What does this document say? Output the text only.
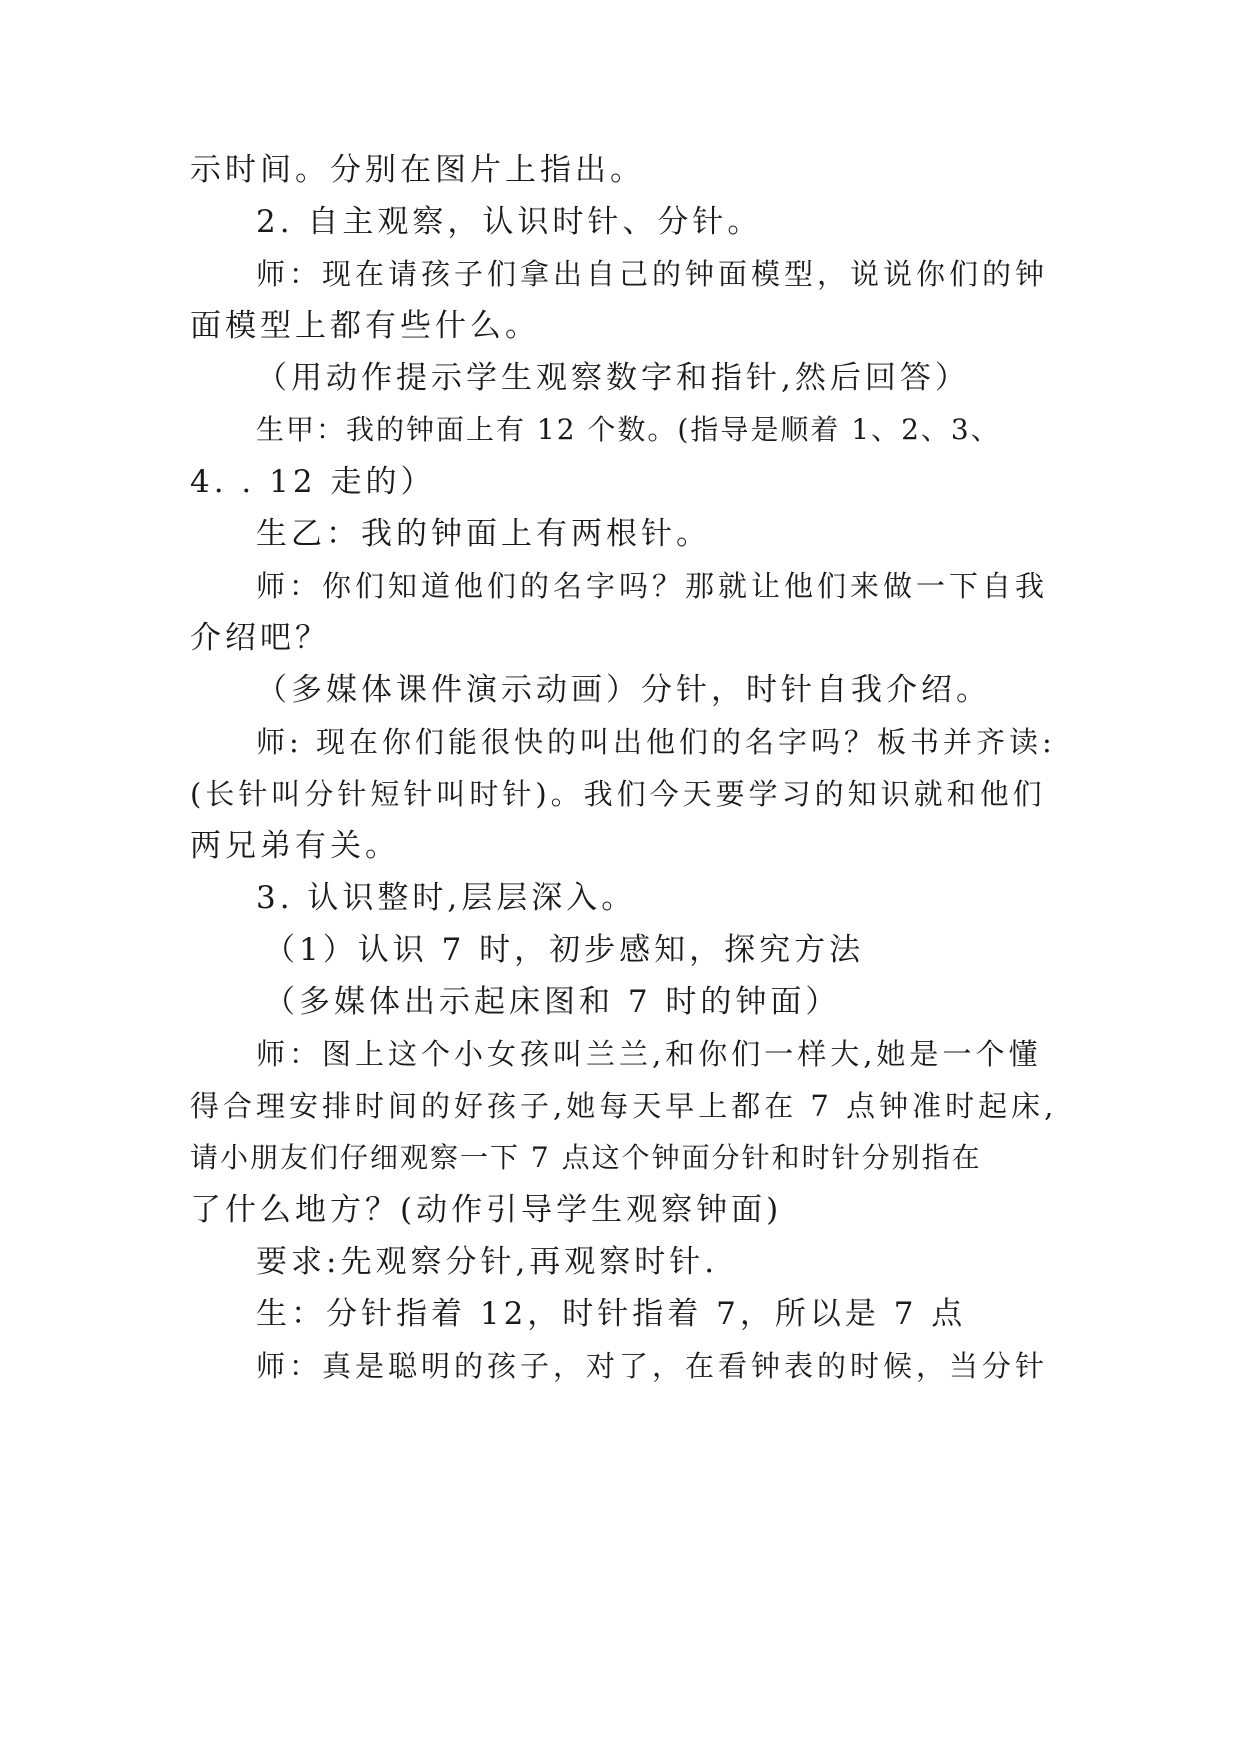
示时间。分别在图片上指出。
2. 自主观察，认识时针、分针。
师：现在请孩子们拿出自己的钟面模型，说说你们的钟
面模型上都有些什么。
（用动作提示学生观察数字和指针,然后回答）
生甲：我的钟面上有 12 个数。(指导是顺着 1、2、3、
4. . 12 走的）
生乙：我的钟面上有两根针。
师：你们知道他们的名字吗？那就让他们来做一下自我
介绍吧？
（多媒体课件演示动画）分针，时针自我介绍。
师: 现在你们能很快的叫出他们的名字吗？板书并齐读:
(长针叫分针短针叫时针)。我们今天要学习的知识就和他们
两兄弟有关。
3. 认识整时,层层深入。
（1）认识 7 时，初步感知，探究方法
（多媒体出示起床图和 7 时的钟面）
师：图上这个小女孩叫兰兰,和你们一样大,她是一个懂
得合理安排时间的好孩子,她每天早上都在 7 点钟准时起床,
请小朋友们仔细观察一下 7 点这个钟面分针和时针分别指在
了什么地方？(动作引导学生观察钟面)
要求:先观察分针,再观察时针.
生：分针指着 12，时针指着 7，所以是 7 点
师：真是聪明的孩子，对了，在看钟表的时候，当分针
